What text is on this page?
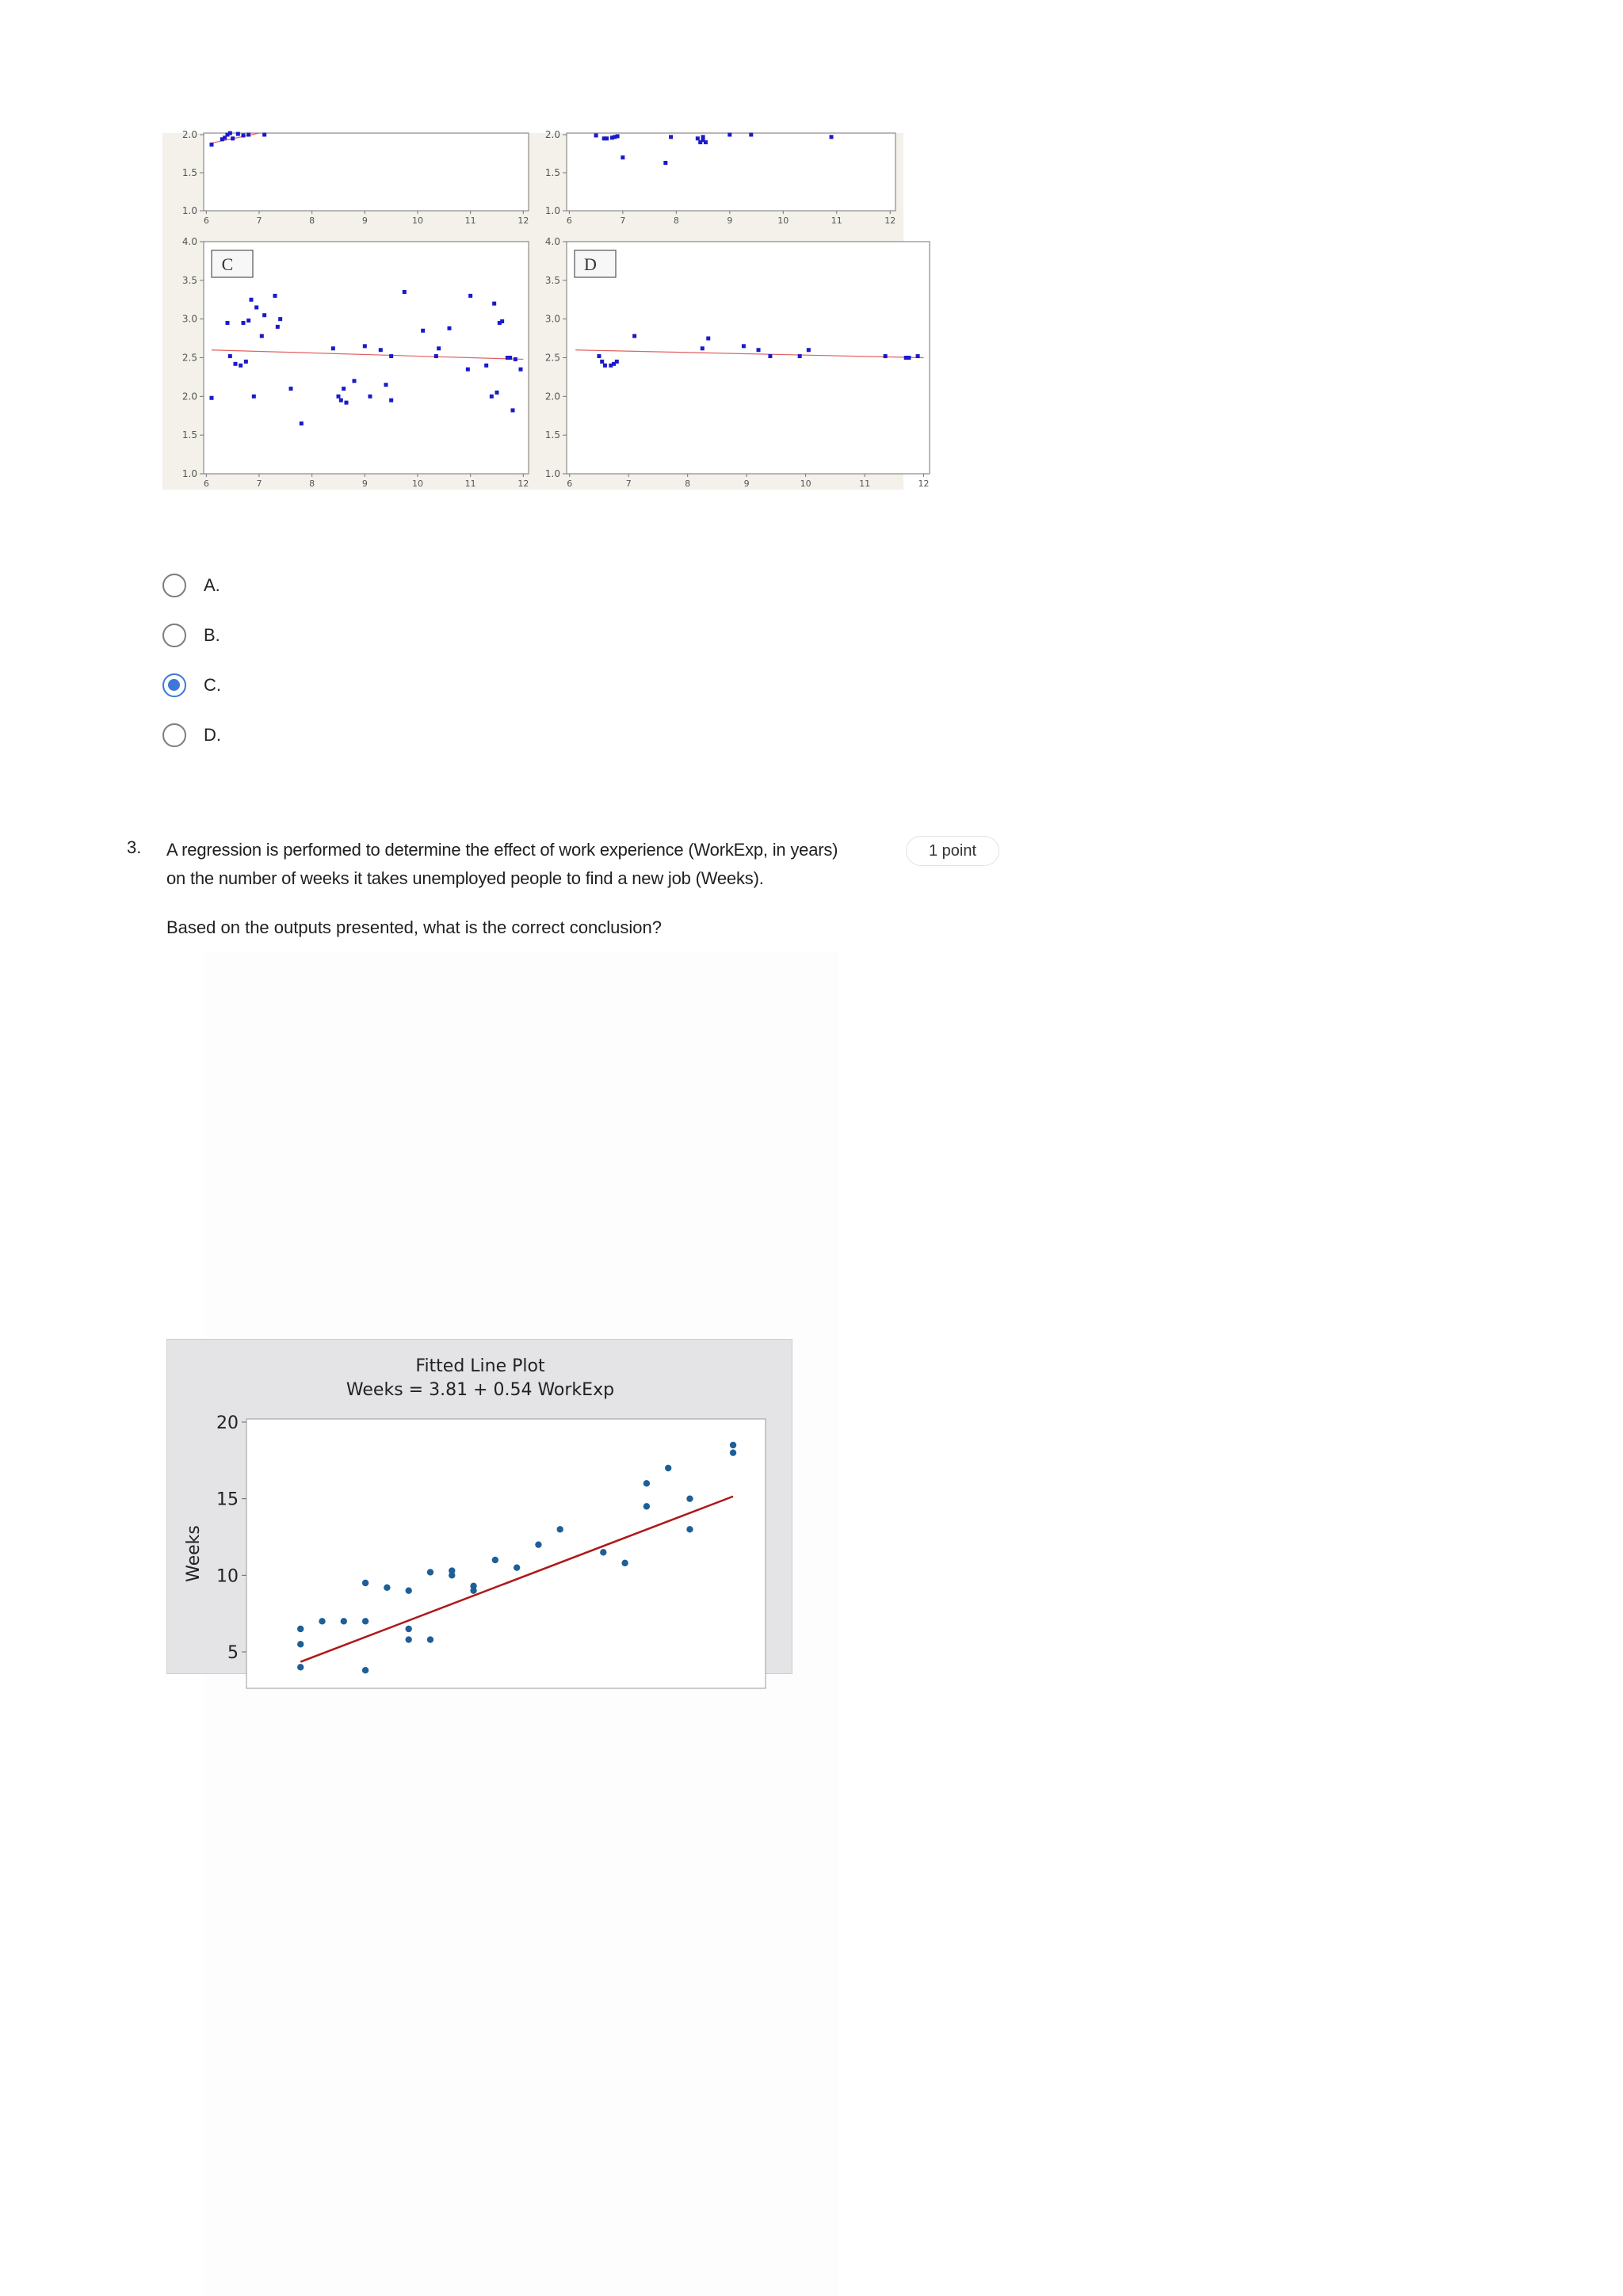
2.0
1.5
1.0
6	7	8	9	10	11	12
2.0
1.5
1.0
6	7	8	9	10	11	12
4.0
3.5
3.0
2.5
2.0
1.5
1.0
6	7	8	9	10	11	12
C
4.0
3.5
3.0
2.5
2.0
1.5
1.0
6	7	8	9	10	11	12
D
A.
B.
C.
D.
3. A regression is performed to determine the effect of work experience (WorkExp, in years)
on the number of weeks it takes unemployed people to find a new job (Weeks).
1 point
Based on the outputs presented, what is the correct conclusion?
Fitted Line Plot
Weeks = 3.81 + 0.54 WorkExp
20
15
10
5
Weeks
